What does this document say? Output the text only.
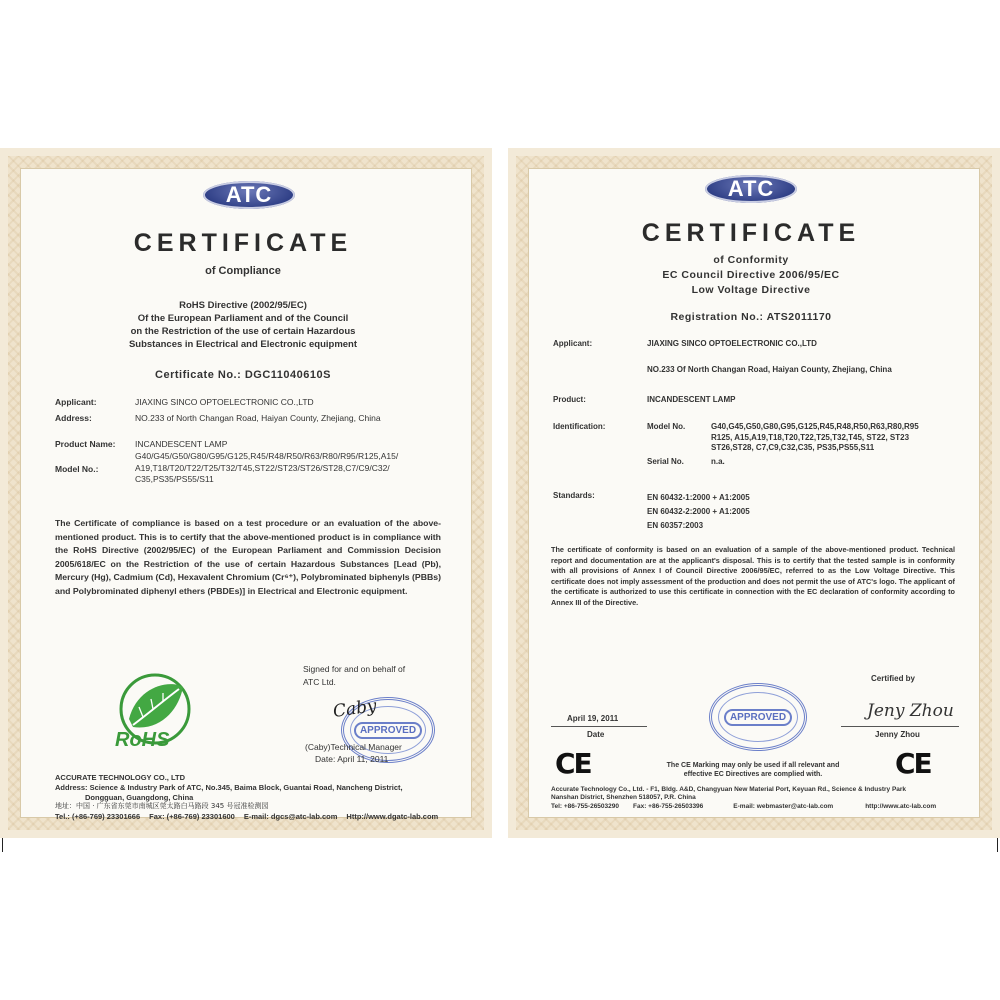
ATC
CERTIFICATE
of Compliance
RoHS Directive (2002/95/EC)
Of the European Parliament and of the Council
on the Restriction of the use of certain Hazardous
Substances in Electrical and Electronic equipment
Certificate No.: DGC11040610S
Applicant:	JIAXING SINCO OPTOELECTRONIC CO.,LTD
Address:	NO.233 of North Changan Road, Haiyan County, Zhejiang, China
Product Name: INCANDESCENT LAMP
Model No.:
G40/G45/G50/G80/G95/G125,R45/R48/R50/R63/R80/R95/R125,A15/
A19,T18/T20/T22/T25/T32/T45,ST22/ST23/ST26/ST28,C7/C9/C32/
C35,PS35/PS55/S11
The Certificate of compliance is based on a test procedure or an evaluation of the above-mentioned product. This is to certify that the above-mentioned product is in compliance with the RoHS Directive (2002/95/EC) of the European Parliament and Commission Decision 2005/618/EC on the Restriction of the use of certain Hazardous Substances [Lead (Pb), Mercury (Hg), Cadmium (Cd), Hexavalent Chromium (Cr⁶⁺), Polybrominated biphenyls (PBBs) and Polybrominated diphenyl ethers (PBDEs)] in Electrical and Electronic equipment.
Signed for and on behalf of
ATC Ltd.
APPROVED
Caby
(Caby)Technical Manager
Date: April 11, 2011
RoHS
ACCURATE TECHNOLOGY CO., LTD
Address: Science & Industry Park of ATC, No.345, Baima Block, Guantai Road, Nancheng District,
Dongguan, Guangdong, China
地址：中国 · 广东省东莞市南城区莞太路白马路段 345 号冠准检测园
Tel.: (+86-769) 23301666 Fax: (+86-769) 23301600 E-mail: dgcs@atc-lab.com Http://www.dgatc-lab.com
ATC
CERTIFICATE
of Conformity
EC Council Directive 2006/95/EC
Low Voltage Directive
Registration No.: ATS2011170
Applicant:	JIAXING SINCO OPTOELECTRONIC CO.,LTD
NO.233 Of North Changan Road, Haiyan County, Zhejiang, China
Product:	INCANDESCENT LAMP
Identification:	Model No.	G40,G45,G50,G80,G95,G125,R45,R48,R50,R63,R80,R95
R125, A15,A19,T18,T20,T22,T25,T32,T45, ST22, ST23
ST26,ST28, C7,C9,C32,C35, PS35,PS55,S11
Serial No.	n.a.
Standards:	EN 60432-1:2000 + A1:2005
EN 60432-2:2000 + A1:2005
EN 60357:2003
The certificate of conformity is based on an evaluation of a sample of the above-mentioned product. Technical report and documentation are at the applicant's disposal. This is to certify that the tested sample is in conformity with all provisions of Annex I of Council Directive 2006/95/EC, referred to as the Low Voltage Directive. This certificate does not imply assessment of the production and does not permit the use of ATC's logo. The applicant of the certificate is authorized to use this certificate in connection with the EC declaration of conformity according to Annex III of the Directive.
Certified by
April 19, 2011
Date
APPROVED	Jeny Zhou
Jenny Zhou
CE	CE
The CE Marking may only be used if all relevant and
effective EC Directives are complied with.
Accurate Technology Co., Ltd. - F1, Bldg. A&D, Changyuan New Material Port, Keyuan Rd., Science & Industry Park
Nanshan District, Shenzhen 518057, P.R. China
Tel: +86-755-26503290 Fax: +86-755-26503396	E-mail: webmaster@atc-lab.com	http://www.atc-lab.com
